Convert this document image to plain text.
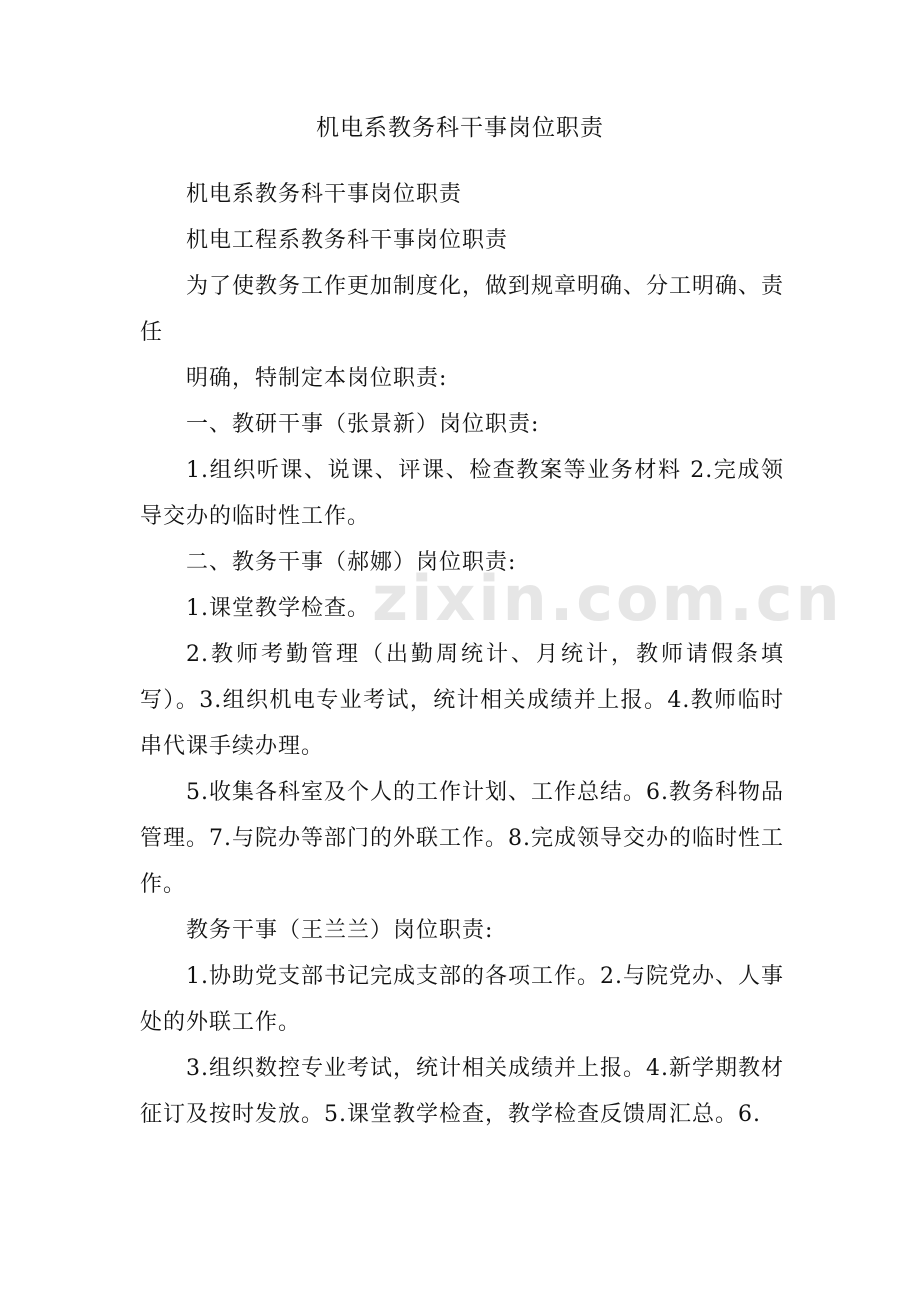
zixin.com.cn
机电系教务科干事岗位职责

机电系教务科干事岗位职责

机电工程系教务科干事岗位职责

为了使教务工作更加制度化，做到规章明确、分工明确、责任

明确，特制定本岗位职责:

一、教研干事（张景新）岗位职责:

1.组织听课、说课、评课、检查教案等业务材料 2.完成领导交办的临时性工作。

二、教务干事（郝娜）岗位职责:

1.课堂教学检查。

2.教师考勤管理（出勤周统计、月统计，教师请假条填写）。3.组织机电专业考试，统计相关成绩并上报。4.教师临时串代课手续办理。

5.收集各科室及个人的工作计划、工作总结。6.教务科物品管理。7.与院办等部门的外联工作。8.完成领导交办的临时性工作。

教务干事（王兰兰）岗位职责:

1.协助党支部书记完成支部的各项工作。2.与院党办、人事处的外联工作。

3.组织数控专业考试，统计相关成绩并上报。4.新学期教材征订及按时发放。5.课堂教学检查，教学检查反馈周汇总。6.
